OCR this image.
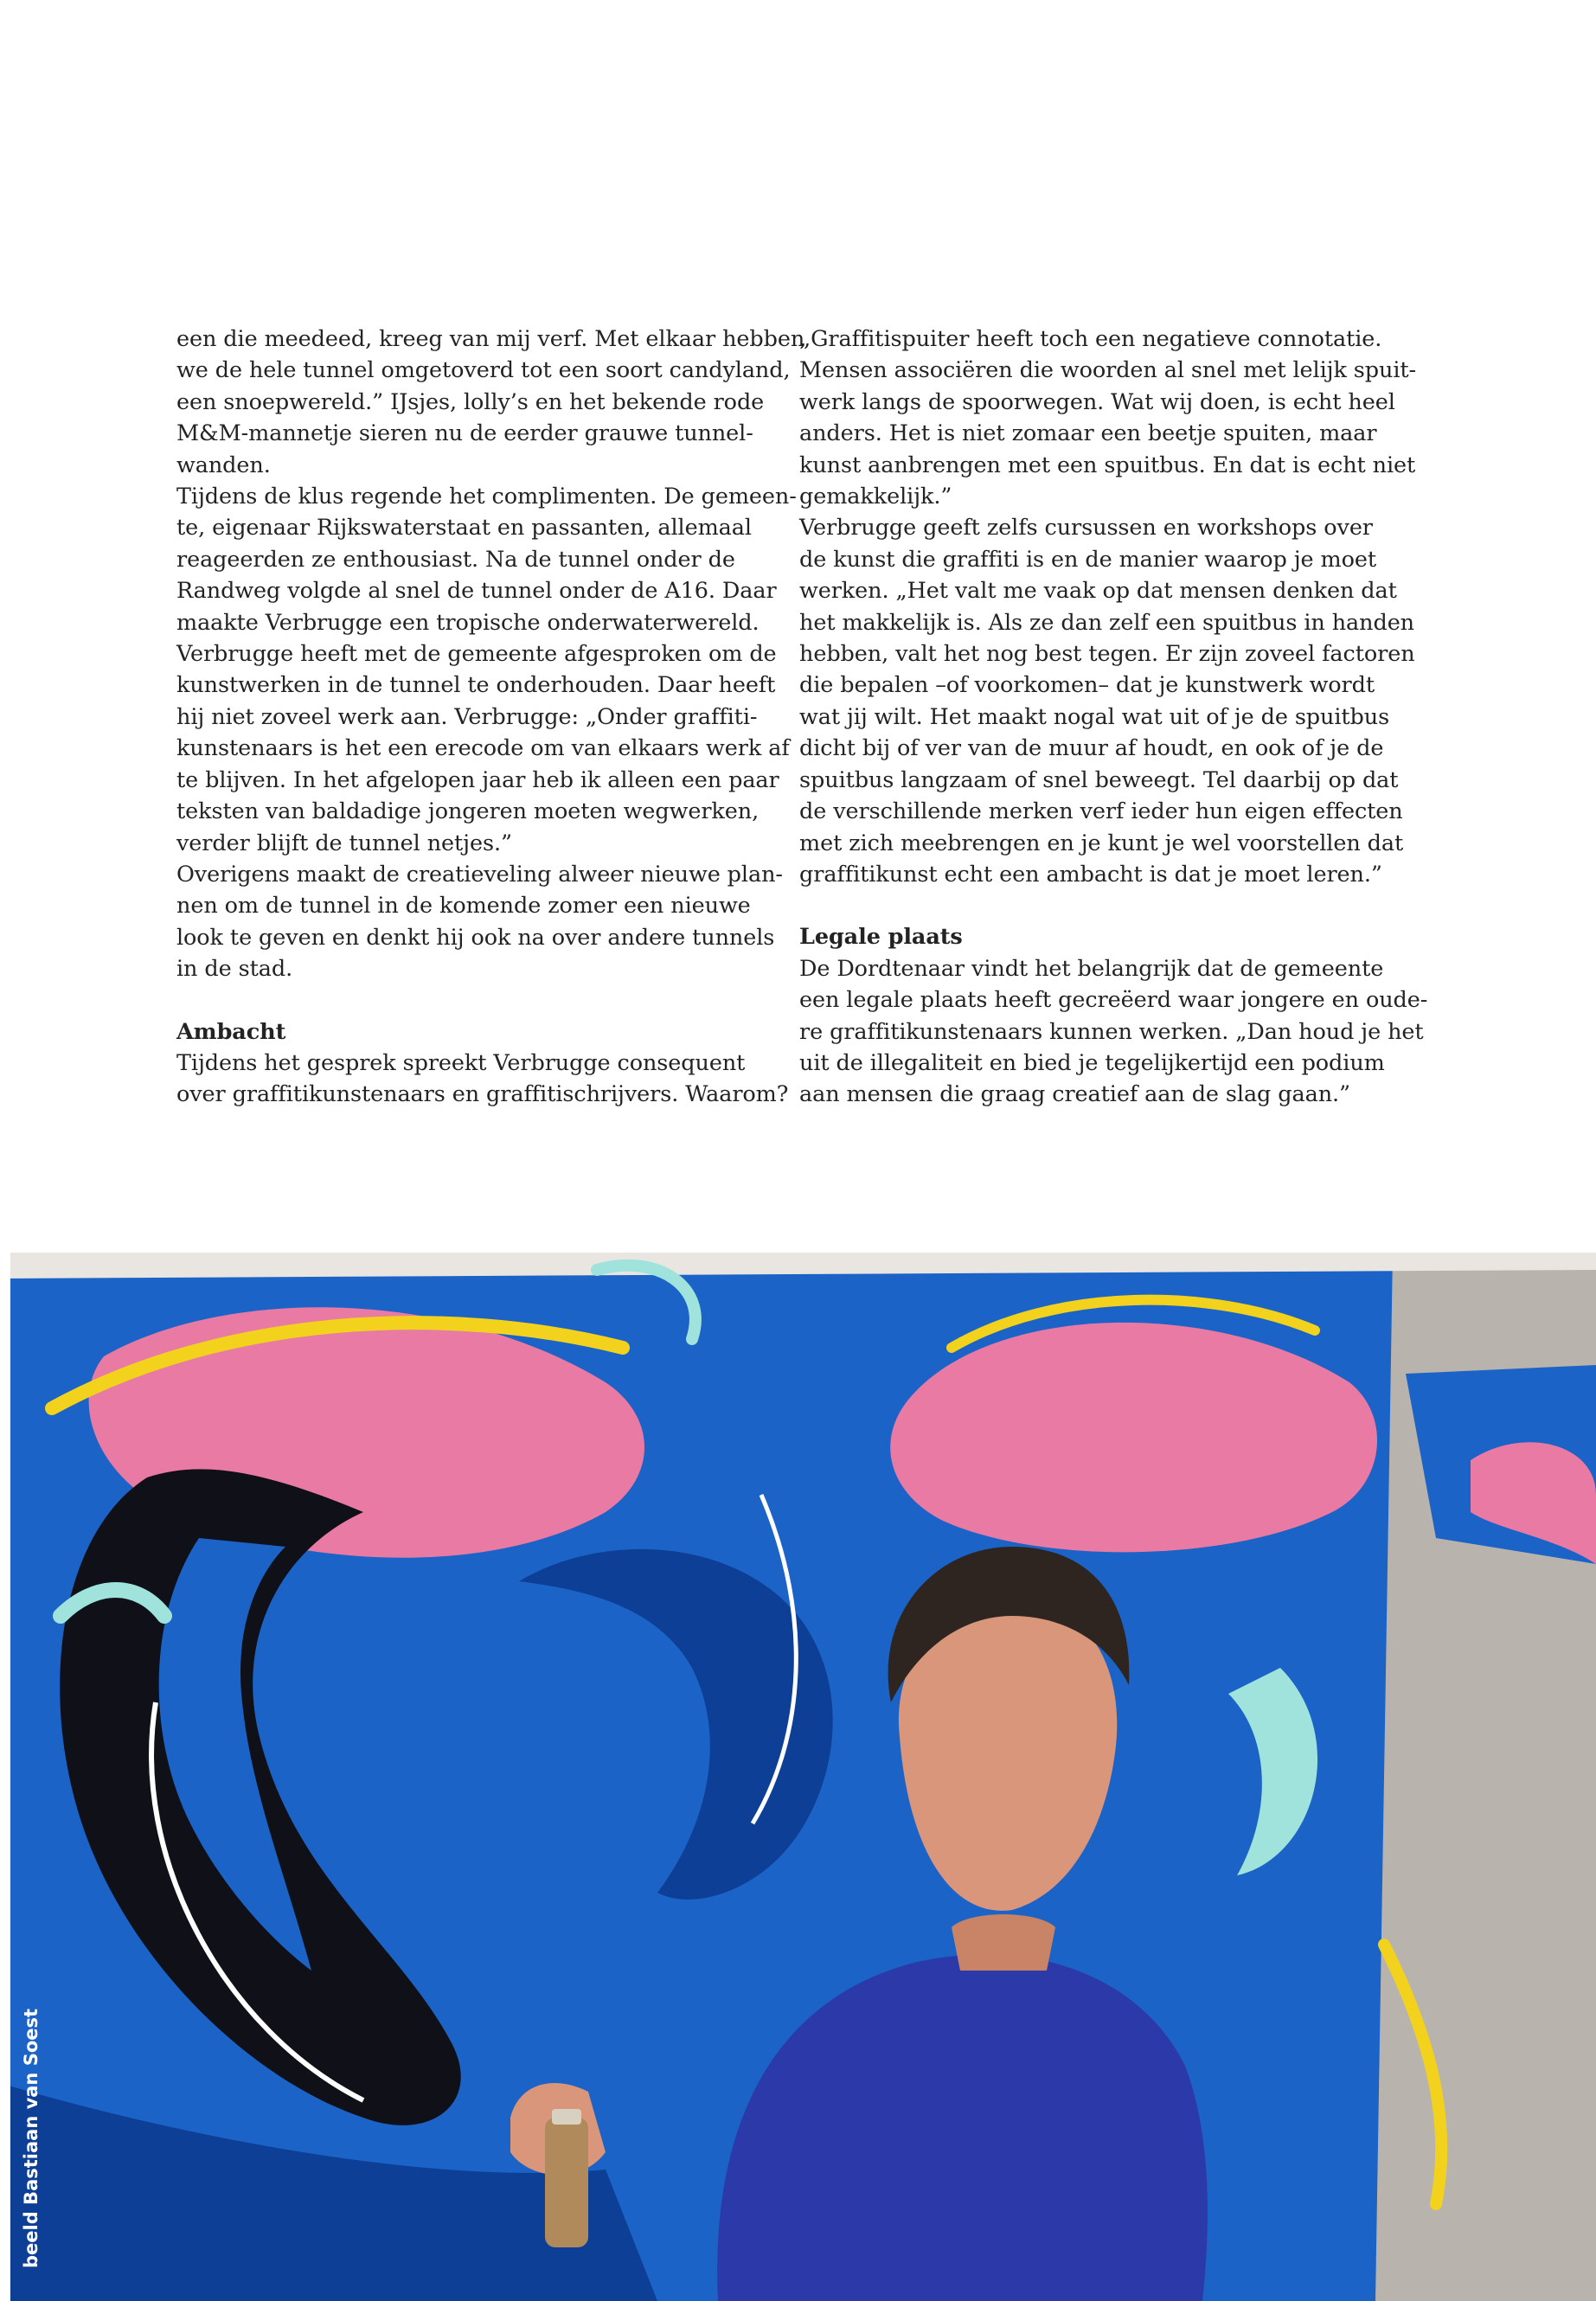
een die meedeed, kreeg van mij verf. Met elkaar hebben
we de hele tunnel omgetoverd tot een soort candyland,
een snoepwereld.” IJsjes, lolly’s en het bekende rode
M&M-mannetje sieren nu de eerder grauwe tunnel-
wanden.

Tijdens de klus regende het complimenten. De gemeen-
te, eigenaar Rijkswaterstaat en passanten, allemaal
reageerden ze enthousiast. Na de tunnel onder de
Randweg volgde al snel de tunnel onder de A16. Daar
maakte Verbrugge een tropische onderwaterwereld.

Verbrugge heeft met de gemeente afgesproken om de
kunstwerken in de tunnel te onderhouden. Daar heeft
hij niet zoveel werk aan. Verbrugge: „Onder graffiti-
kunstenaars is het een erecode om van elkaars werk af
te blijven. In het afgelopen jaar heb ik alleen een paar
teksten van baldadige jongeren moeten wegwerken,
verder blijft de tunnel netjes.”

Overigens maakt de creatieveling alweer nieuwe plan-
nen om de tunnel in de komende zomer een nieuwe
look te geven en denkt hij ook na over andere tunnels
in de stad.

Ambacht

Tijdens het gesprek spreekt Verbrugge consequent
over graffitikunstenaars en graffitischrijvers. Waarom?

„Graffitispuiter heeft toch een negatieve connotatie.
Mensen associëren die woorden al snel met lelijk spuit-
werk langs de spoorwegen. Wat wij doen, is echt heel
anders. Het is niet zomaar een beetje spuiten, maar
kunst aanbrengen met een spuitbus. En dat is echt niet
gemakkelijk.”

Verbrugge geeft zelfs cursussen en workshops over
de kunst die graffiti is en de manier waarop je moet
werken. „Het valt me vaak op dat mensen denken dat
het makkelijk is. Als ze dan zelf een spuitbus in handen
hebben, valt het nog best tegen. Er zijn zoveel factoren
die bepalen –of voorkomen– dat je kunstwerk wordt
wat jij wilt. Het maakt nogal wat uit of je de spuitbus
dicht bij of ver van de muur af houdt, en ook of je de
spuitbus langzaam of snel beweegt. Tel daarbij op dat
de verschillende merken verf ieder hun eigen effecten
met zich meebrengen en je kunt je wel voorstellen dat
graffitikunst echt een ambacht is dat je moet leren.”

Legale plaats

De Dordtenaar vindt het belangrijk dat de gemeente
een legale plaats heeft gecreëerd waar jongere en oude-
re graffitikunstenaars kunnen werken. „Dan houd je het
uit de illegaliteit en bied je tegelijkertijd een podium
aan mensen die graag creatief aan de slag gaan.”

beeld Bastiaan van Soest
